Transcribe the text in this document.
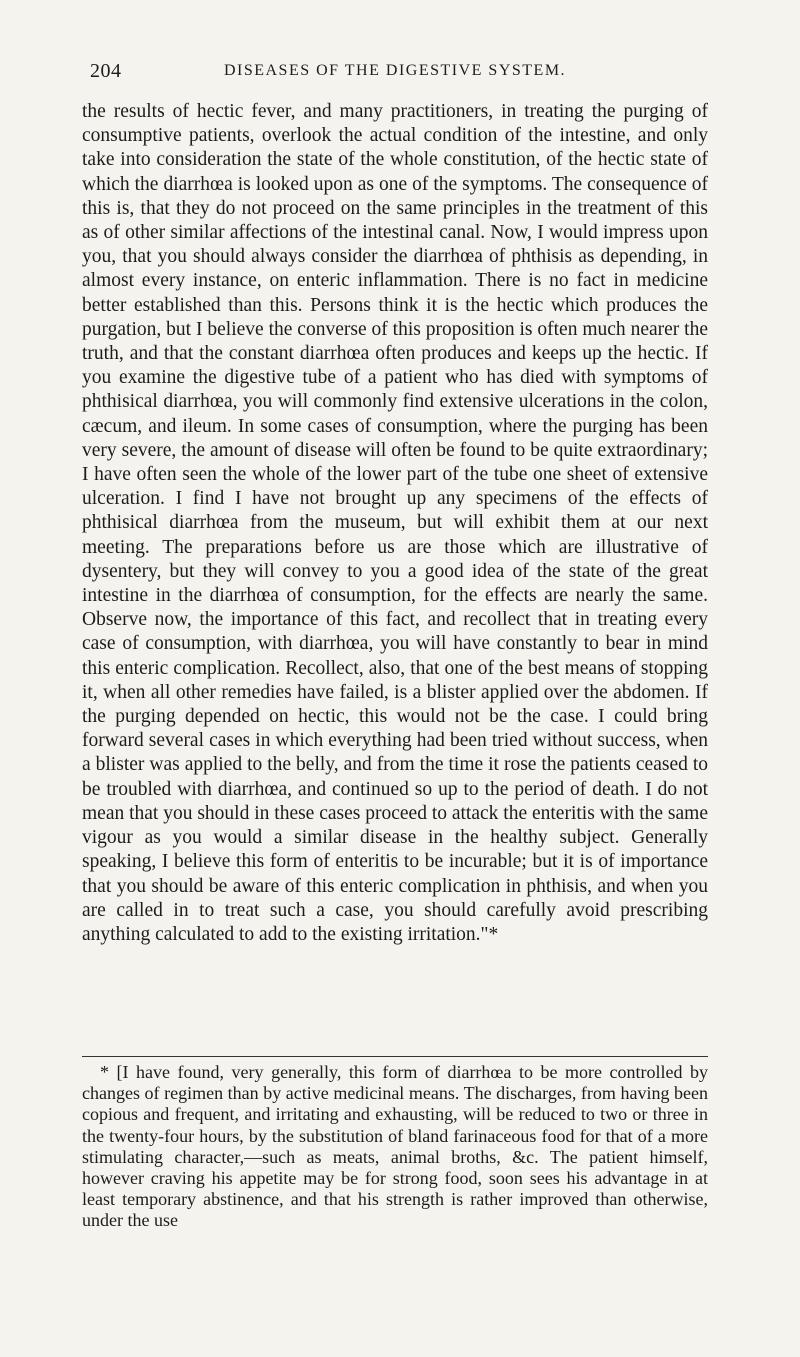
204	DISEASES OF THE DIGESTIVE SYSTEM.

the results of hectic fever, and many practitioners, in treating the purging of consumptive patients, overlook the actual condition of the intestine, and only take into consideration the state of the whole constitution, of the hectic state of which the diarrhœa is looked upon as one of the symptoms. The consequence of this is, that they do not proceed on the same principles in the treatment of this as of other similar affections of the intestinal canal. Now, I would impress upon you, that you should always consider the diarrhœa of phthisis as depending, in almost every instance, on enteric inflammation. There is no fact in medicine better established than this. Persons think it is the hectic which produces the purgation, but I believe the converse of this proposition is often much nearer the truth, and that the constant diarrhœa often produces and keeps up the hectic. If you examine the digestive tube of a patient who has died with symptoms of phthisical diarrhœa, you will commonly find extensive ulcerations in the colon, cæcum, and ileum. In some cases of consumption, where the purging has been very severe, the amount of disease will often be found to be quite extraordinary; I have often seen the whole of the lower part of the tube one sheet of extensive ulceration. I find I have not brought up any specimens of the effects of phthisical diarrhœa from the museum, but will exhibit them at our next meeting. The preparations before us are those which are illustrative of dysentery, but they will convey to you a good idea of the state of the great intestine in the diarrhœa of consumption, for the effects are nearly the same. Observe now, the importance of this fact, and recollect that in treating every case of consumption, with diarrhœa, you will have constantly to bear in mind this enteric complication. Recollect, also, that one of the best means of stopping it, when all other remedies have failed, is a blister applied over the abdomen. If the purging depended on hectic, this would not be the case. I could bring forward several cases in which everything had been tried without success, when a blister was applied to the belly, and from the time it rose the patients ceased to be troubled with diarrhœa, and continued so up to the period of death. I do not mean that you should in these cases proceed to attack the enteritis with the same vigour as you would a similar disease in the healthy subject. Generally speaking, I believe this form of enteritis to be incurable; but it is of importance that you should be aware of this enteric complication in phthisis, and when you are called in to treat such a case, you should carefully avoid prescribing anything calculated to add to the existing irritation."*

* [I have found, very generally, this form of diarrhœa to be more controlled by changes of regimen than by active medicinal means. The discharges, from having been copious and frequent, and irritating and exhausting, will be reduced to two or three in the twenty-four hours, by the substitution of bland farinaceous food for that of a more stimulating character,—such as meats, animal broths, &c. The patient himself, however craving his appetite may be for strong food, soon sees his advantage in at least temporary abstinence, and that his strength is rather improved than otherwise, under the use
